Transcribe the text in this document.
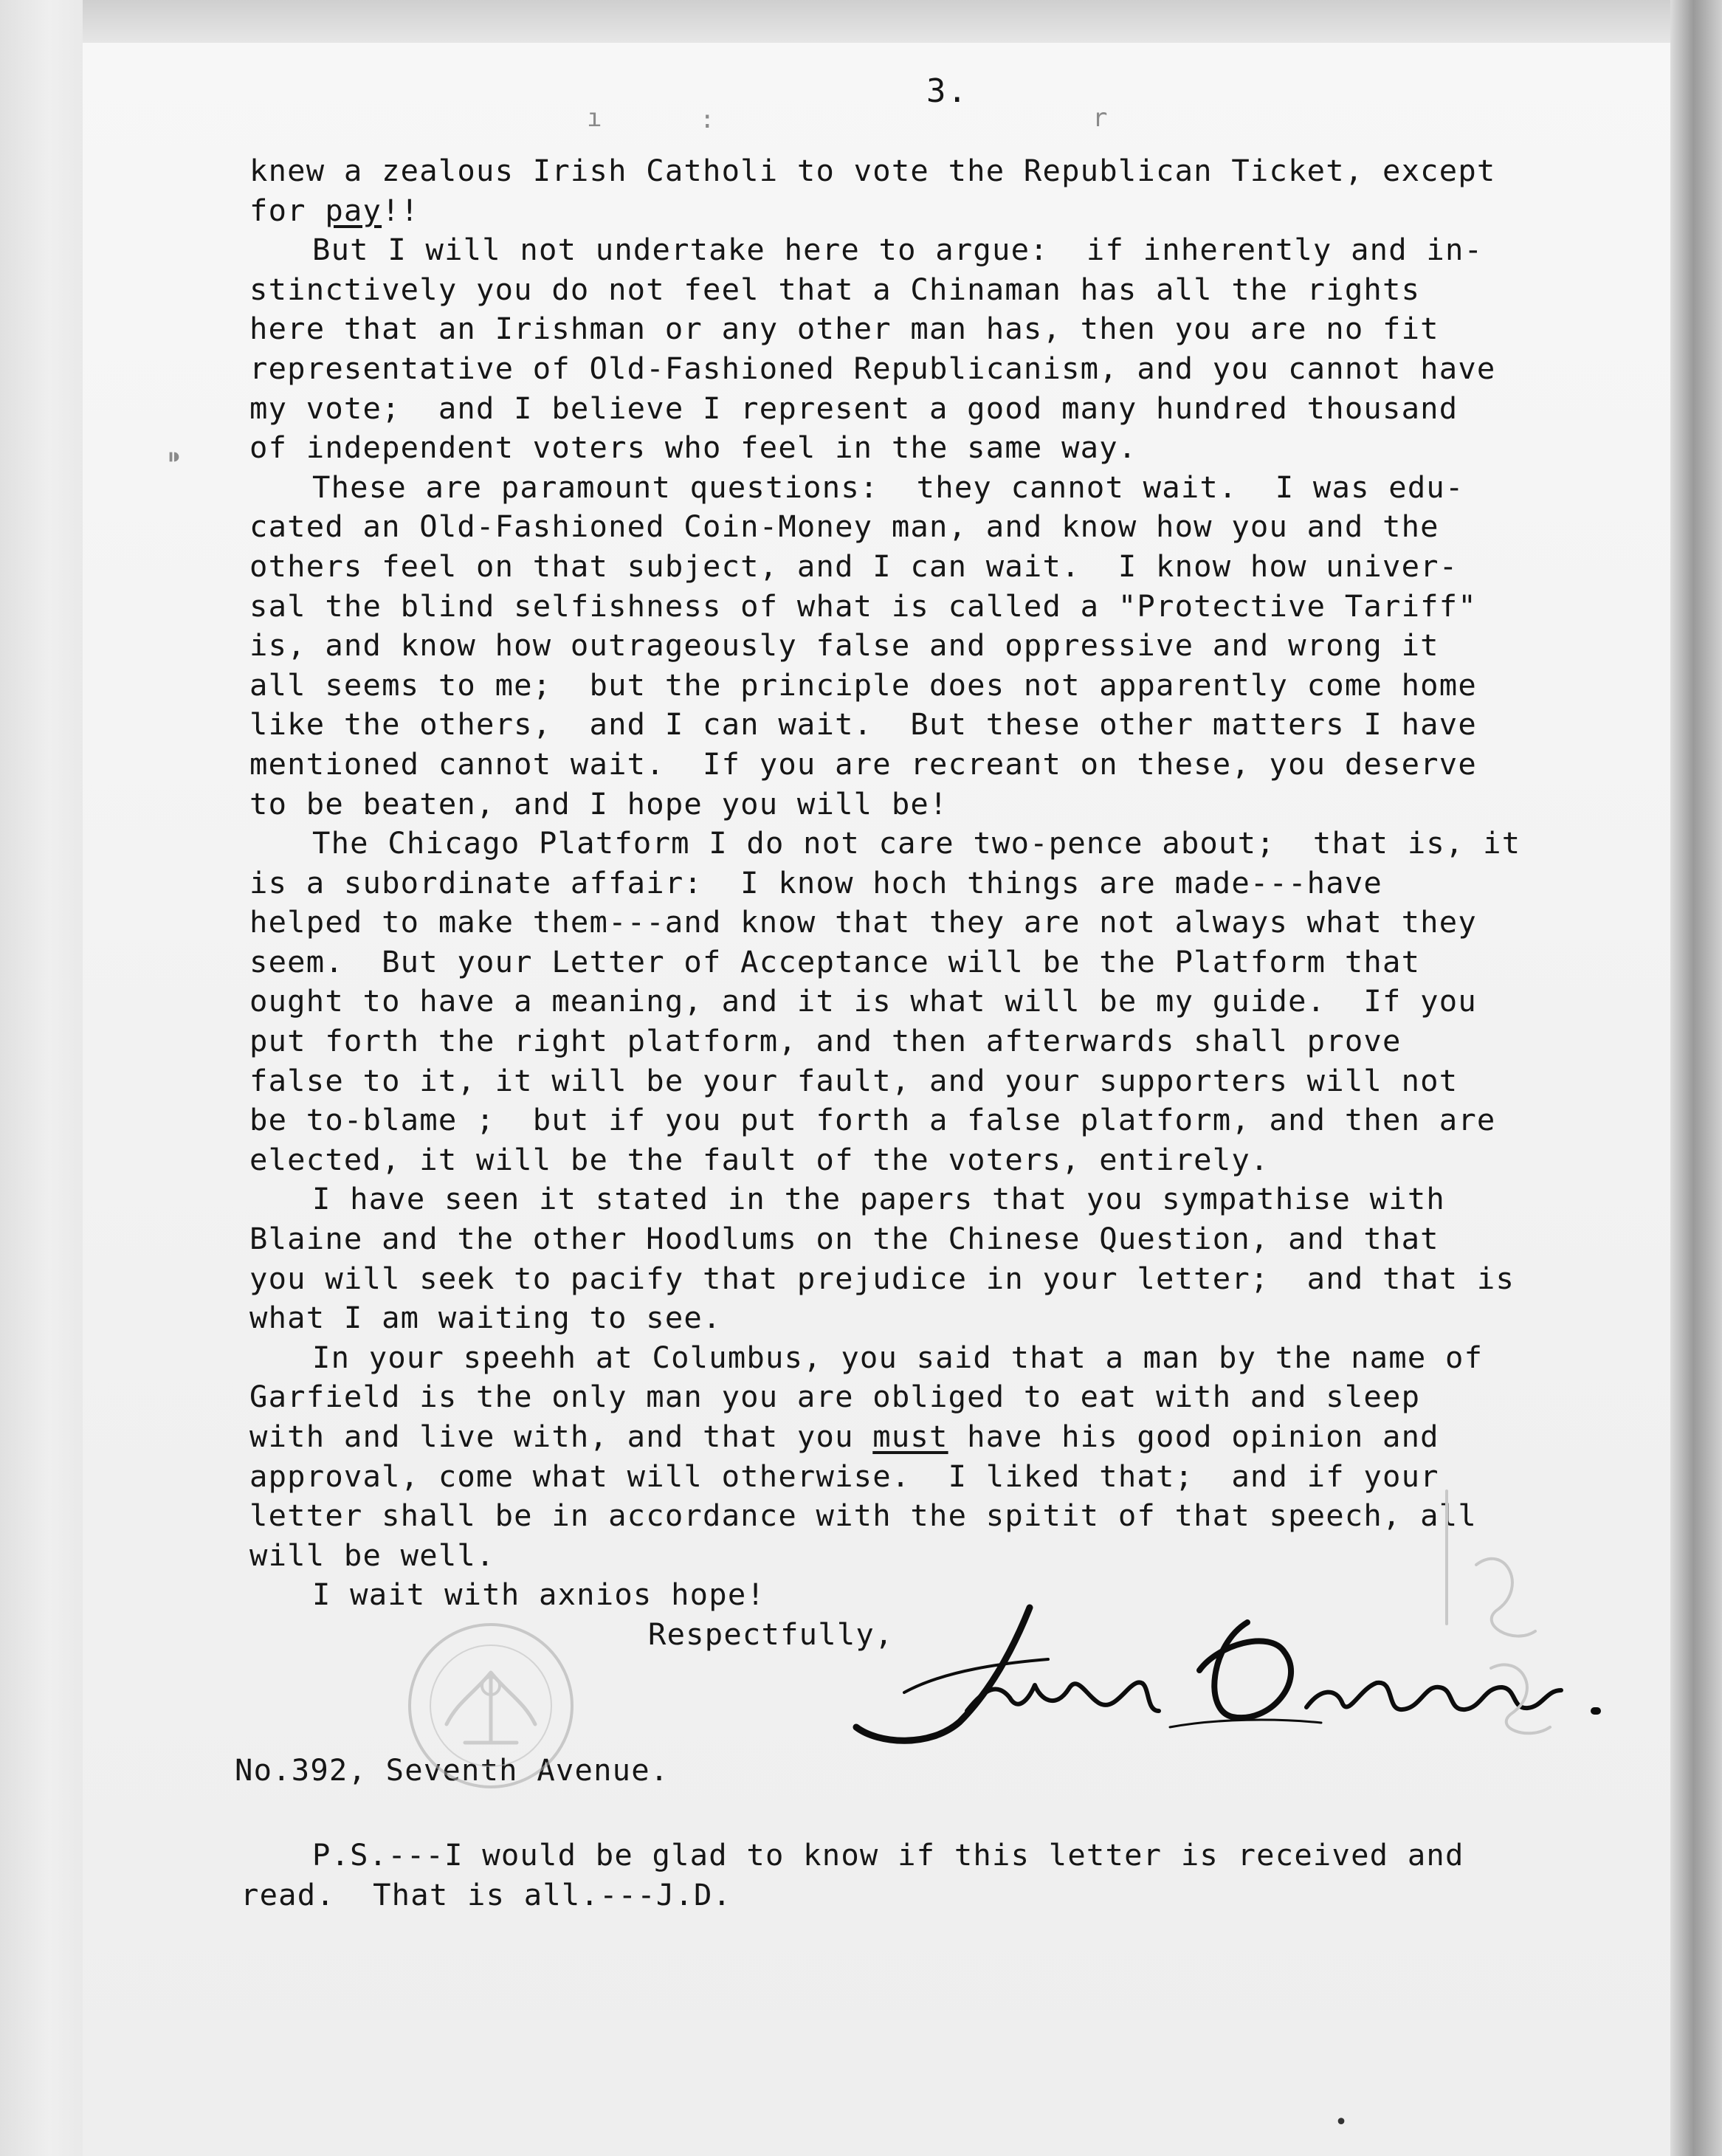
3.
ı	:	r
⁍
knew a zealous Irish Catholi to vote the Republican Ticket, except
for pay!!
But I will not undertake here to argue:  if inherently and in-
stinctively you do not feel that a Chinaman has all the rights
here that an Irishman or any other man has, then you are no fit
representative of Old-Fashioned Republicanism, and you cannot have
my vote;  and I believe I represent a good many hundred thousand
of independent voters who feel in the same way.
These are paramount questions:  they cannot wait.  I was edu-
cated an Old-Fashioned Coin-Money man, and know how you and the
others feel on that subject, and I can wait.  I know how univer-
sal the blind selfishness of what is called a "Protective Tariff"
is, and know how outrageously false and oppressive and wrong it
all seems to me;  but the principle does not apparently come home
like the others,  and I can wait.  But these other matters I have
mentioned cannot wait.  If you are recreant on these, you deserve
to be beaten, and I hope you will be!
The Chicago Platform I do not care two-pence about;  that is, it
is a subordinate affair:  I know hoch things are made---have
helped to make them---and know that they are not always what they
seem.  But your Letter of Acceptance will be the Platform that
ought to have a meaning, and it is what will be my guide.  If you
put forth the right platform, and then afterwards shall prove
false to it, it will be your fault, and your supporters will not
be to-blame ;  but if you put forth a false platform, and then are
elected, it will be the fault of the voters, entirely.
I have seen it stated in the papers that you sympathise with
Blaine and the other Hoodlums on the Chinese Question, and that
you will seek to pacify that prejudice in your letter;  and that is
what I am waiting to see.
In your speehh at Columbus, you said that a man by the name of
Garfield is the only man you are obliged to eat with and sleep
with and live with, and that you must have his good opinion and
approval, come what will otherwise.  I liked that;  and if your
letter shall be in accordance with the spitit of that speech, all
will be well.
I wait with axnios hope!
Respectfully,
No.392, Seventh Avenue.
P.S.---I would be glad to know if this letter is received and
read.  That is all.---J.D.
•
